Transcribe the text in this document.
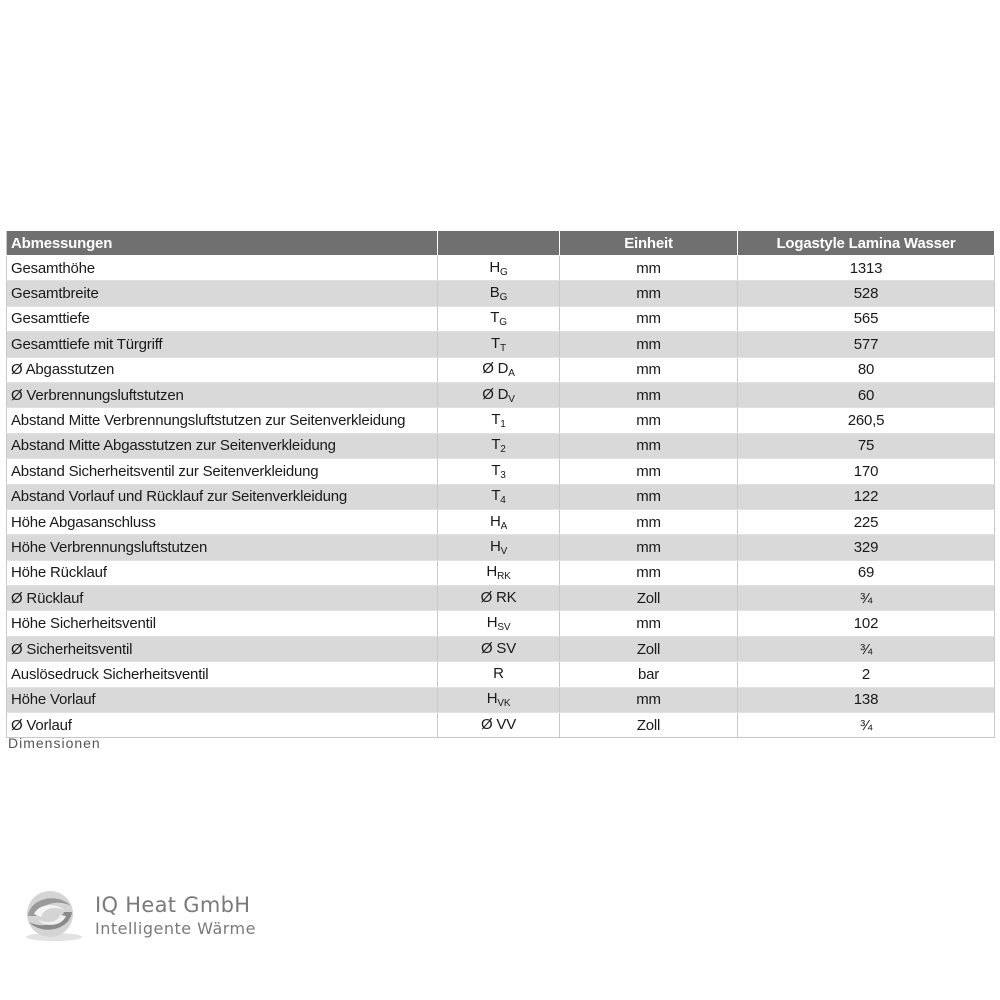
Abmessungen		Einheit	Logastyle Lamina Wasser
Gesamthöhe	$H_G$	mm	1313
Gesamtbreite	$B_G$	mm	528
Gesamttiefe	$T_G$	mm	565
Gesamttiefe mit Türgriff	$T_T$	mm	577
Ø Abgasstutzen	Ø $D_A$	mm	80
Ø Verbrennungsluftstutzen	Ø $D_V$	mm	60
Abstand Mitte Verbrennungsluftstutzen zur Seitenverkleidung	$T_1$	mm	260,5
Abstand Mitte Abgasstutzen zur Seitenverkleidung	$T_2$	mm	75
Abstand Sicherheitsventil zur Seitenverkleidung	$T_3$	mm	170
Abstand Vorlauf und Rücklauf zur Seitenverkleidung	$T_4$	mm	122
Höhe Abgasanschluss	$H_A$	mm	225
Höhe Verbrennungsluftstutzen	$H_V$	mm	329
Höhe Rücklauf	$H_{RK}$	mm	69
Ø Rücklauf	Ø RK	Zoll	¾
Höhe Sicherheitsventil	$H_{SV}$	mm	102
Ø Sicherheitsventil	Ø SV	Zoll	¾
Auslösedruck Sicherheitsventil	R	bar	2
Höhe Vorlauf	$H_{VK}$	mm	138
Ø Vorlauf	Ø VV	Zoll	¾
Dimensionen
IQ Heat GmbH
Intelligente Wärme
